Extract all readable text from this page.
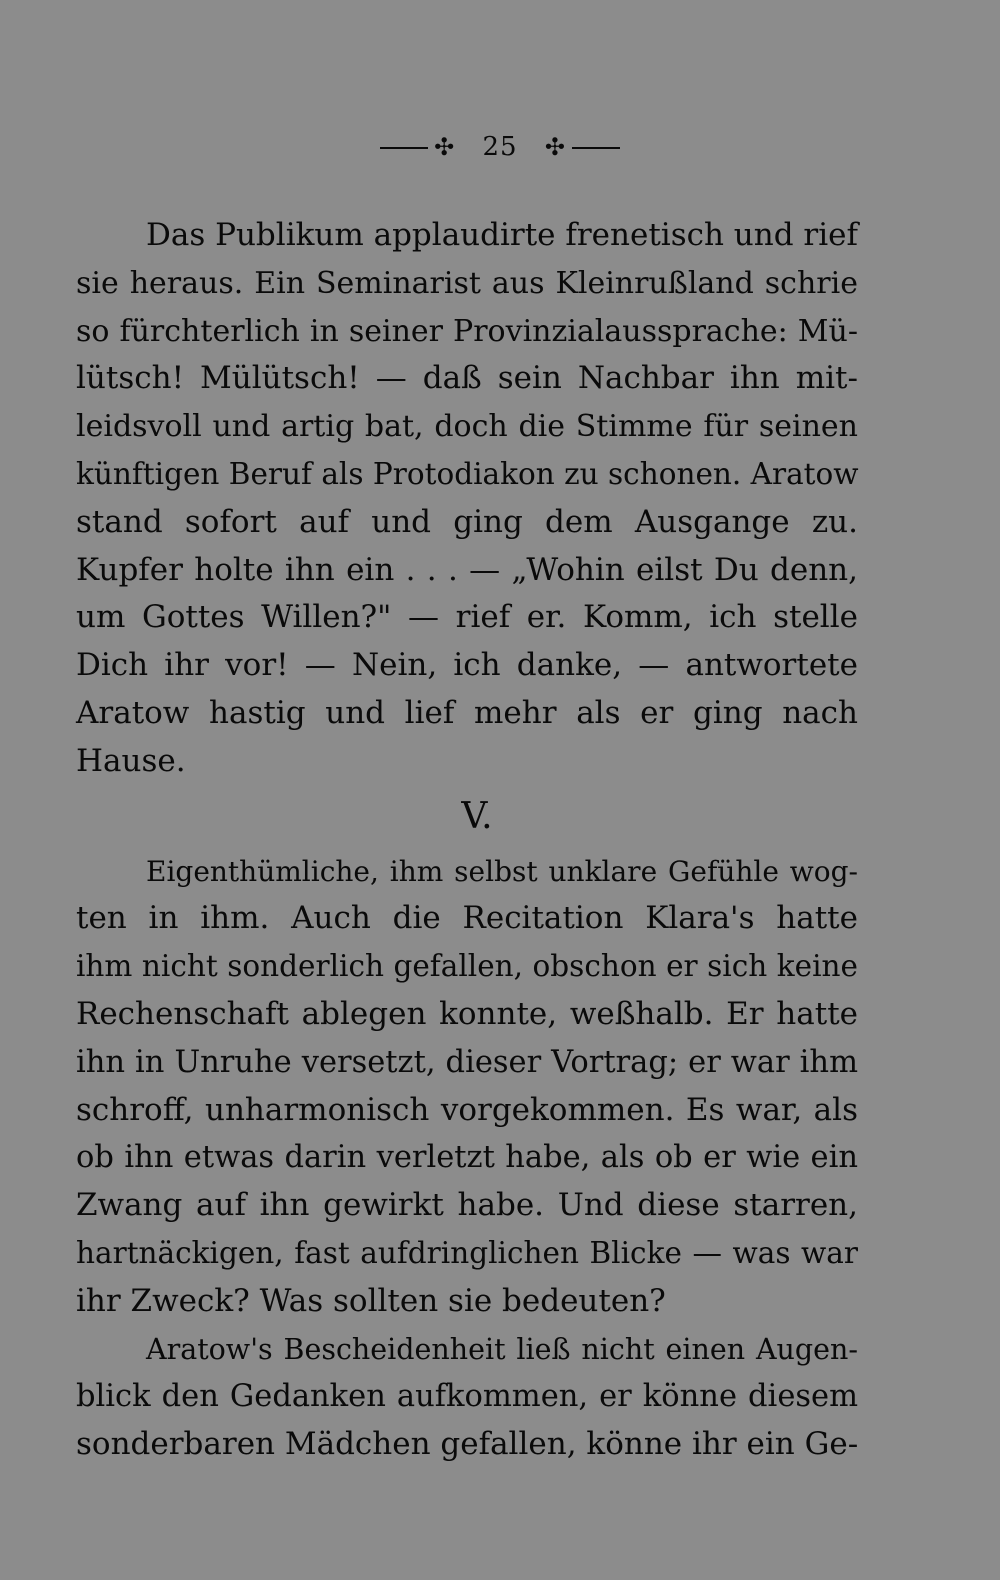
✣ 25 ✣
Das Publikum applaudirte frenetisch und rief
sie heraus. Ein Seminarist aus Kleinrußland schrie
so fürchterlich in seiner Provinzialaussprache: Mü-
lütsch! Mülütsch! — daß sein Nachbar ihn mit-
leidsvoll und artig bat, doch die Stimme für seinen
künftigen Beruf als Protodiakon zu schonen. Aratow
stand sofort auf und ging dem Ausgange zu.
Kupfer holte ihn ein . . . — „Wohin eilst Du denn,
um Gottes Willen?" — rief er. Komm, ich stelle
Dich ihr vor! — Nein, ich danke, — antwortete
Aratow hastig und lief mehr als er ging nach
Hause.
V.
Eigenthümliche, ihm selbst unklare Gefühle wog-
ten in ihm. Auch die Recitation Klara's hatte
ihm nicht sonderlich gefallen, obschon er sich keine
Rechenschaft ablegen konnte, weßhalb. Er hatte
ihn in Unruhe versetzt, dieser Vortrag; er war ihm
schroff, unharmonisch vorgekommen. Es war, als
ob ihn etwas darin verletzt habe, als ob er wie ein
Zwang auf ihn gewirkt habe. Und diese starren,
hartnäckigen, fast aufdringlichen Blicke — was war
ihr Zweck? Was sollten sie bedeuten?
Aratow's Bescheidenheit ließ nicht einen Augen-
blick den Gedanken aufkommen, er könne diesem
sonderbaren Mädchen gefallen, könne ihr ein Ge-
